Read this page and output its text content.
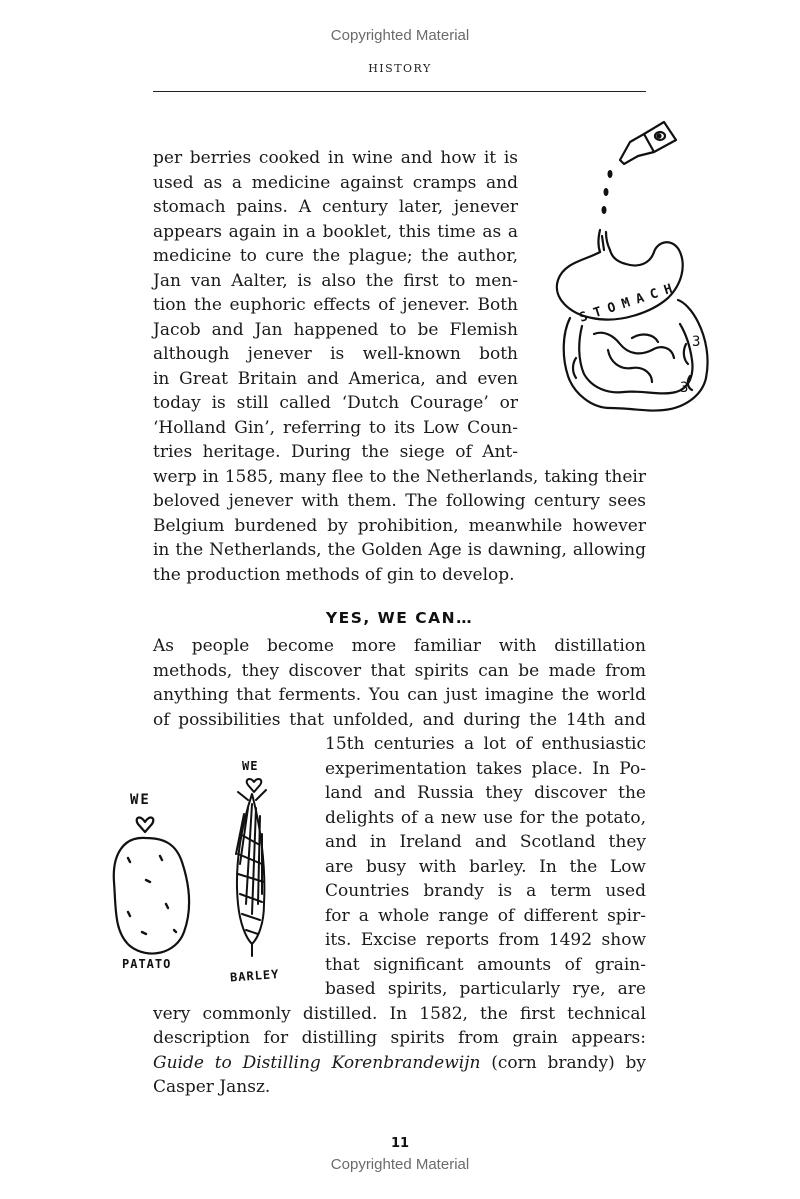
Copyrighted Material
HISTORY
per berries cooked in wine and how it is
used as a medicine against cramps and
stomach pains. A century later, jenever
appears again in a booklet, this time as a
medicine to cure the plague; the author,
Jan van Aalter, is also the first to men-
tion the euphoric effects of jenever. Both
Jacob and Jan happened to be Flemish
although jenever is well-known both
in Great Britain and America, and even
today is still called ‘Dutch Courage’ or
‘Holland Gin’, referring to its Low Coun-
tries heritage. During the siege of Ant-
werp in 1585, many flee to the Netherlands, taking their
beloved jenever with them. The following century sees
Belgium burdened by prohibition, meanwhile however
in the Netherlands, the Golden Age is dawning, allowing
the production methods of gin to develop.
STOMACH
3
3
YES, WE CAN…
As people become more familiar with distillation
methods, they discover that spirits can be made from
anything that ferments. You can just imagine the world
of possibilities that unfolded, and during the 14th and
15th centuries a lot of enthusiastic
experimentation takes place. In Po-
land and Russia they discover the
delights of a new use for the potato,
and in Ireland and Scotland they
are busy with barley. In the Low
Countries brandy is a term used
for a whole range of different spir-
its. Excise reports from 1492 show
that significant amounts of grain-
based spirits, particularly rye, are
very commonly distilled. In 1582, the first technical
description for distilling spirits from grain appears:
Guide to Distilling Korenbrandewijn (corn brandy) by
Casper Jansz.
WE
PATATO
WE
BARLEY
11
Copyrighted Material
